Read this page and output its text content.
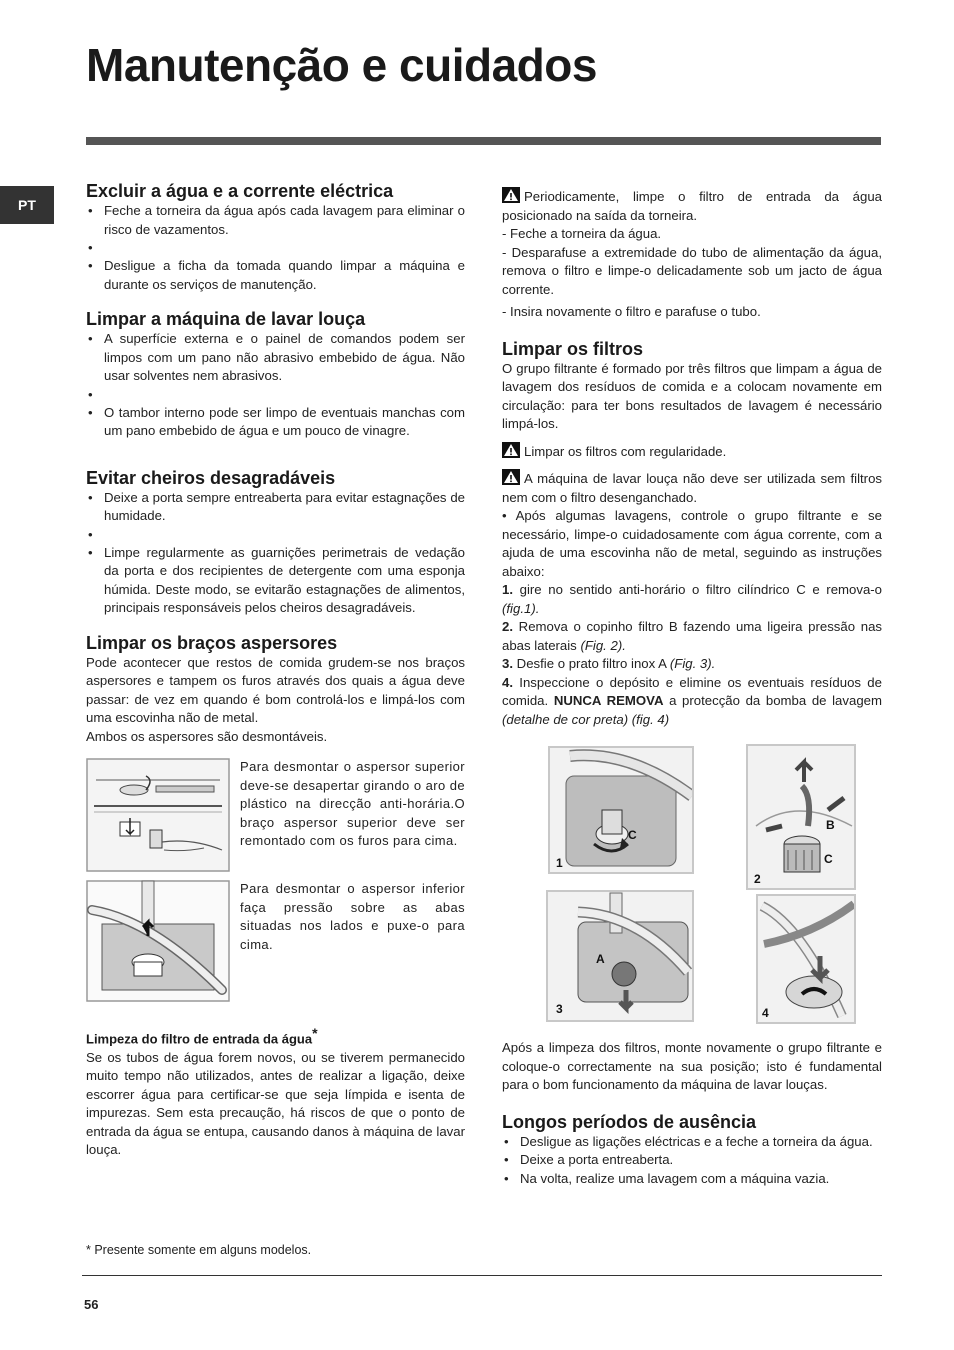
Manutenção e cuidados
PT
Excluir a água e a corrente eléctrica
• Feche a torneira da água após cada lavagem para eliminar o risco de vazamentos.
•
• Desligue a ficha da tomada quando limpar a máquina e durante os serviços de manutenção.
Limpar a máquina de lavar louça
• A superfície externa e o painel de comandos podem ser limpos com um pano não abrasivo embebido de água. Não usar solventes nem abrasivos.
•
• O tambor interno pode ser limpo de eventuais manchas com um pano embebido de água e um pouco de vinagre.
Evitar cheiros desagradáveis
• Deixe a porta sempre entreaberta para evitar estagnações de humidade.
•
• Limpe regularmente as guarnições perimetrais de vedação da porta e dos recipientes de detergente com uma esponja húmida. Deste modo, se evitarão estagnações de alimentos, principais responsáveis pelos cheiros desagradáveis.
Limpar os braços aspersores

Pode acontecer que restos de comida grudem-se nos braços aspersores e tampem os furos através dos quais a água deve passar: de vez em quando é bom controlá-los e limpá-los com uma escovinha não de metal.

Ambos os aspersores são desmontáveis.

Para desmontar o aspersor superior deve-se desapertar girando o aro de plástico na direcção anti-horária.O braço aspersor superior deve ser remontado com os furos para cima.
Para desmontar o aspersor inferior faça pressão sobre as abas situadas nos lados e puxe-o para cima.
Limpeza do filtro de entrada da água*

Se os tubos de água forem novos, ou se tiverem permanecido muito tempo não utilizados, antes de realizar a ligação, deixe escorrer água para certificar-se que seja límpida e isenta de impurezas. Sem esta precaução, há riscos de que o ponto de entrada da água se entupa, causando danos à máquina de lavar louça.

Periodicamente, limpe o filtro de entrada da água posicionado na saída da torneira.

- Feche a torneira da água.

- Desparafuse a extremidade do tubo de alimentação da água, remova o filtro e limpe-o delicadamente sob um jacto de água corrente.

- Insira novamente o filtro e parafuse o tubo.

Limpar os filtros

O grupo filtrante é formado por três filtros que limpam a água de lavagem dos resíduos de comida e a colocam novamente em circulação: para ter bons resultados de lavagem é necessário limpá-los.

Limpar os filtros com regularidade.

A máquina de lavar louça não deve ser utilizada sem filtros nem com o filtro desenganchado.

• Após algumas lavagens, controle o grupo filtrante e se necessário, limpe-o cuidadosamente com água corrente, com a ajuda de uma escovinha não de metal, seguindo as instruções abaixo:

1. gire no sentido anti-horário o filtro cilíndrico C e remova-o (fig.1).

2. Remova o copinho filtro B fazendo uma ligeira pressão nas abas laterais (Fig. 2).

3. Desfie o prato filtro inox A (Fig. 3).

4. Inspeccione o depósito e elimine os eventuais resíduos de comida. NUNCA REMOVA a protecção da bomba de lavagem (detalhe de cor preta) (fig. 4)

1
C
B
C
2
A
3	4

Após a limpeza dos filtros, monte novamente o grupo filtrante e coloque-o correctamente na sua posição; isto é fundamental para o bom funcionamento da máquina de lavar louças.

Longos períodos de ausência
• Desligue as ligações eléctricas e a feche a torneira da água.
• Deixe a porta entreaberta.
• Na volta, realize uma lavagem com a máquina vazia.
* Presente somente em alguns modelos.
56
